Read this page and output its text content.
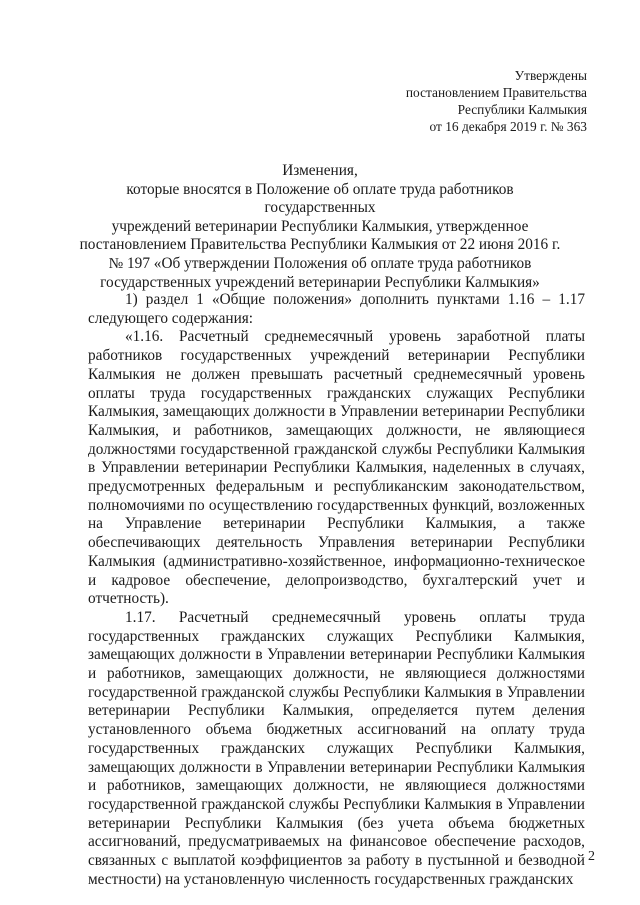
Утверждены
постановлением Правительства
Республики Калмыкия
от 16 декабря 2019 г. № 363
Изменения,
которые вносятся в Положение об оплате труда работников государственных
учреждений ветеринарии Республики Калмыкия, утвержденное
постановлением Правительства Республики Калмыкия от 22 июня 2016 г.
№ 197 «Об утверждении Положения об оплате труда работников
государственных учреждений ветеринарии Республики Калмыкия»

1) раздел 1 «Общие положения» дополнить пунктами 1.16 – 1.17 следующего содержания:

«1.16. Расчетный среднемесячный уровень заработной платы работников государственных учреждений ветеринарии Республики Калмыкия не должен превышать расчетный среднемесячный уровень оплаты труда государственных гражданских служащих Республики Калмыкия, замещающих должности в Управлении ветеринарии Республики Калмыкия, и работников, замещающих должности, не являющиеся должностями государственной гражданской службы Республики Калмыкия в Управлении ветеринарии Республики Калмыкия, наделенных в случаях, предусмотренных федеральным и республиканским законодательством, полномочиями по осуществлению государственных функций, возложенных на Управление ветеринарии Республики Калмыкия, а также обеспечивающих деятельность Управления ветеринарии Республики Калмыкия (административно-хозяйственное, информационно-техническое и кадровое обеспечение, делопроизводство, бухгалтерский учет и отчетность).

1.17. Расчетный среднемесячный уровень оплаты труда государственных гражданских служащих Республики Калмыкия, замещающих должности в Управлении ветеринарии Республики Калмыкия и работников, замещающих должности, не являющиеся должностями государственной гражданской службы Республики Калмыкия в Управлении ветеринарии Республики Калмыкия, определяется путем деления установленного объема бюджетных ассигнований на оплату труда государственных гражданских служащих Республики Калмыкия, замещающих должности в Управлении ветеринарии Республики Калмыкия и работников, замещающих должности, не являющиеся должностями государственной гражданской службы Республики Калмыкия в Управлении ветеринарии Республики Калмыкия (без учета объема бюджетных ассигнований, предусматриваемых на финансовое обеспечение расходов, связанных с выплатой коэффициентов за работу в пустынной и безводной местности) на установленную численность государственных гражданских

2
